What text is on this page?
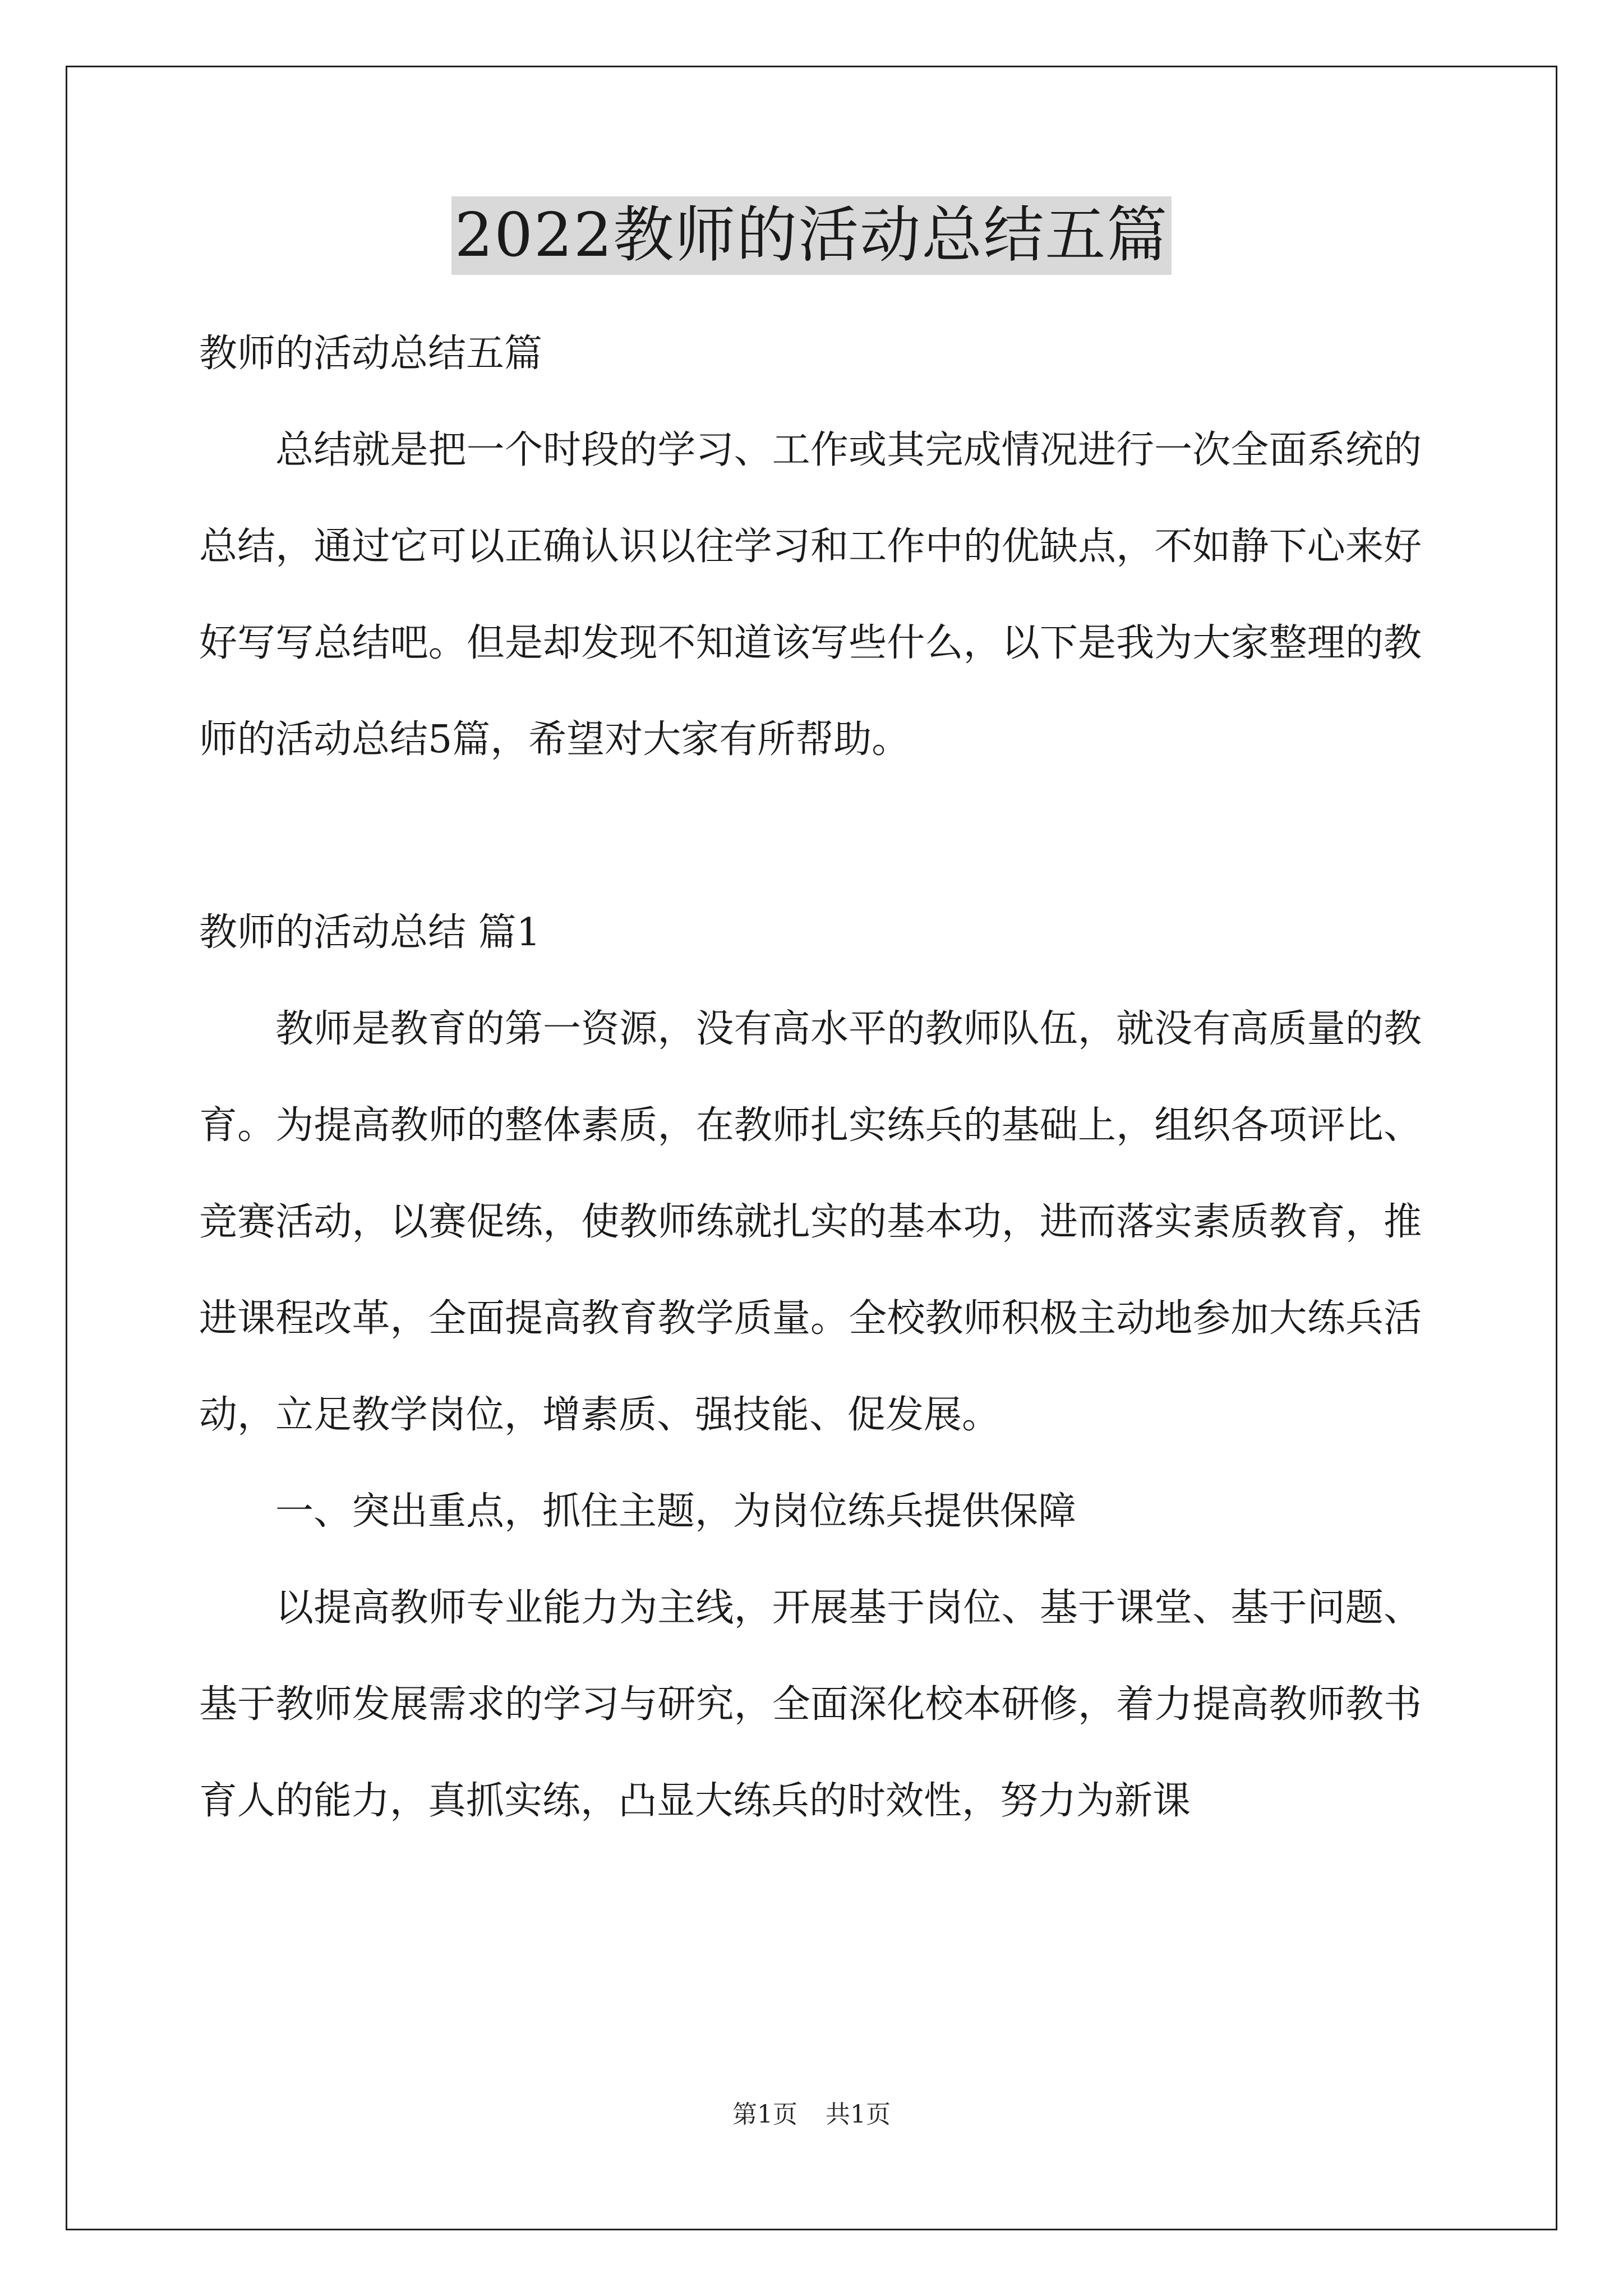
2022教师的活动总结五篇

教师的活动总结五篇

总结就是把一个时段的学习、工作或其完成情况进行一次全面系统的总结，通过它可以正确认识以往学习和工作中的优缺点，不如静下心来好好写写总结吧。但是却发现不知道该写些什么，以下是我为大家整理的教师的活动总结5篇，希望对大家有所帮助。

教师的活动总结 篇1

教师是教育的第一资源，没有高水平的教师队伍，就没有高质量的教育。为提高教师的整体素质，在教师扎实练兵的基础上，组织各项评比、竞赛活动，以赛促练，使教师练就扎实的基本功，进而落实素质教育，推进课程改革，全面提高教育教学质量。全校教师积极主动地参加大练兵活动，立足教学岗位，增素质、强技能、促发展。

一、突出重点，抓住主题，为岗位练兵提供保障

以提高教师专业能力为主线，开展基于岗位、基于课堂、基于问题、基于教师发展需求的学习与研究，全面深化校本研修，着力提高教师教书育人的能力，真抓实练，凸显大练兵的时效性，努力为新课

第1页 共1页
